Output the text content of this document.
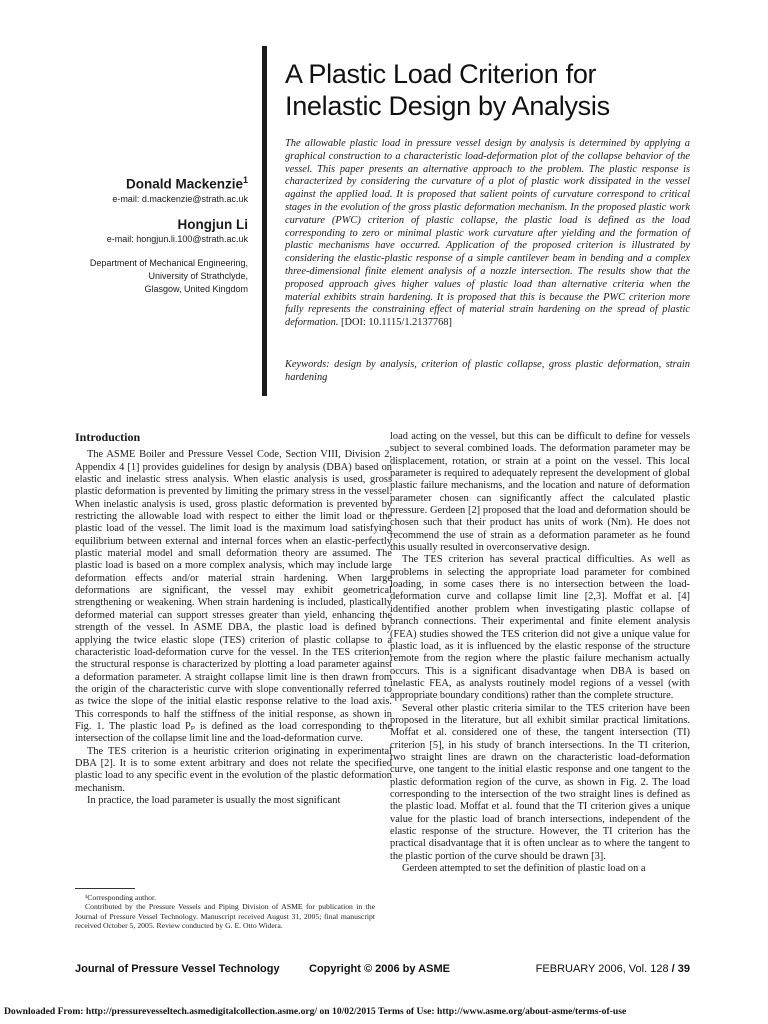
A Plastic Load Criterion for
Inelastic Design by Analysis
Donald Mackenzie$^1$
e-mail: d.mackenzie@strath.ac.uk
Hongjun Li
e-mail: hongjun.li.100@strath.ac.uk
Department of Mechanical Engineering,
University of Strathclyde,
Glasgow, United Kingdom
The allowable plastic load in pressure vessel design by analysis is determined by applying a graphical construction to a characteristic load-deformation plot of the collapse behavior of the vessel. This paper presents an alternative approach to the problem. The plastic response is characterized by considering the curvature of a plot of plastic work dissipated in the vessel against the applied load. It is proposed that salient points of curvature correspond to critical stages in the evolution of the gross plastic deformation mechanism. In the proposed plastic work curvature (PWC) criterion of plastic collapse, the plastic load is defined as the load corresponding to zero or minimal plastic work curvature after yielding and the formation of plastic mechanisms have occurred. Application of the proposed criterion is illustrated by considering the elastic-plastic response of a simple cantilever beam in bending and a complex three-dimensional finite element analysis of a nozzle intersection. The results show that the proposed approach gives higher values of plastic load than alternative criteria when the material exhibits strain hardening. It is proposed that this is because the PWC criterion more fully represents the constraining effect of material strain hardening on the spread of plastic deformation. [DOI: 10.1115/1.2137768]
Keywords: design by analysis, criterion of plastic collapse, gross plastic deformation, strain hardening
Introduction

The ASME Boiler and Pressure Vessel Code, Section VIII, Division 2, Appendix 4 [1] provides guidelines for design by analysis (DBA) based on elastic and inelastic stress analysis. When elastic analysis is used, gross plastic deformation is prevented by limiting the primary stress in the vessel. When inelastic analysis is used, gross plastic deformation is prevented by restricting the allowable load with respect to either the limit load or the plastic load of the vessel. The limit load is the maximum load satisfying equilibrium between external and internal forces when an elastic-perfectly plastic material model and small deformation theory are assumed. The plastic load is based on a more complex analysis, which may include large deformation effects and/or material strain hardening. When large deformations are significant, the vessel may exhibit geometrical strengthening or weakening. When strain hardening is included, plastically deformed material can support stresses greater than yield, enhancing the strength of the vessel. In ASME DBA, the plastic load is defined by applying the twice elastic slope (TES) criterion of plastic collapse to a characteristic load-deformation curve for the vessel. In the TES criterion, the structural response is characterized by plotting a load parameter against a deformation parameter. A straight collapse limit line is then drawn from the origin of the characteristic curve with slope conventionally referred to as twice the slope of the initial elastic response relative to the load axis. This corresponds to half the stiffness of the initial response, as shown in Fig. 1. The plastic load Pₚ is defined as the load corresponding to the intersection of the collapse limit line and the load-deformation curve.

The TES criterion is a heuristic criterion originating in experimental DBA [2]. It is to some extent arbitrary and does not relate the specified plastic load to any specific event in the evolution of the plastic deformation mechanism.

In practice, the load parameter is usually the most significant

load acting on the vessel, but this can be difficult to define for vessels subject to several combined loads. The deformation parameter may be displacement, rotation, or strain at a point on the vessel. This local parameter is required to adequately represent the development of global plastic failure mechanisms, and the location and nature of deformation parameter chosen can significantly affect the calculated plastic pressure. Gerdeen [2] proposed that the load and deformation should be chosen such that their product has units of work (Nm). He does not recommend the use of strain as a deformation parameter as he found this usually resulted in overconservative design.

The TES criterion has several practical difficulties. As well as problems in selecting the appropriate load parameter for combined loading, in some cases there is no intersection between the load-deformation curve and collapse limit line [2,3]. Moffat et al. [4] identified another problem when investigating plastic collapse of branch connections. Their experimental and finite element analysis (FEA) studies showed the TES criterion did not give a unique value for plastic load, as it is influenced by the elastic response of the structure remote from the region where the plastic failure mechanism actually occurs. This is a significant disadvantage when DBA is based on inelastic FEA, as analysts routinely model regions of a vessel (with appropriate boundary conditions) rather than the complete structure.

Several other plastic criteria similar to the TES criterion have been proposed in the literature, but all exhibit similar practical limitations. Moffat et al. considered one of these, the tangent intersection (TI) criterion [5], in his study of branch intersections. In the TI criterion, two straight lines are drawn on the characteristic load-deformation curve, one tangent to the initial elastic response and one tangent to the plastic deformation region of the curve, as shown in Fig. 2. The load corresponding to the intersection of the two straight lines is defined as the plastic load. Moffat et al. found that the TI criterion gives a unique value for the plastic load of branch intersections, independent of the elastic response of the structure. However, the TI criterion has the practical disadvantage that it is often unclear as to where the tangent to the plastic portion of the curve should be drawn [3].

Gerdeen attempted to set the definition of plastic load on a

¹Corresponding author.

Contributed by the Pressure Vessels and Piping Division of ASME for publication in the Journal of Pressure Vessel Technology. Manuscript received August 31, 2005; final manuscript received October 5, 2005. Review conducted by G. E. Otto Widera.

Journal of Pressure Vessel Technology	Copyright © 2006 by ASME	FEBRUARY 2006, Vol. 128 / 39
Downloaded From: http://pressurevesseltech.asmedigitalcollection.asme.org/ on 10/02/2015 Terms of Use: http://www.asme.org/about-asme/terms-of-use
